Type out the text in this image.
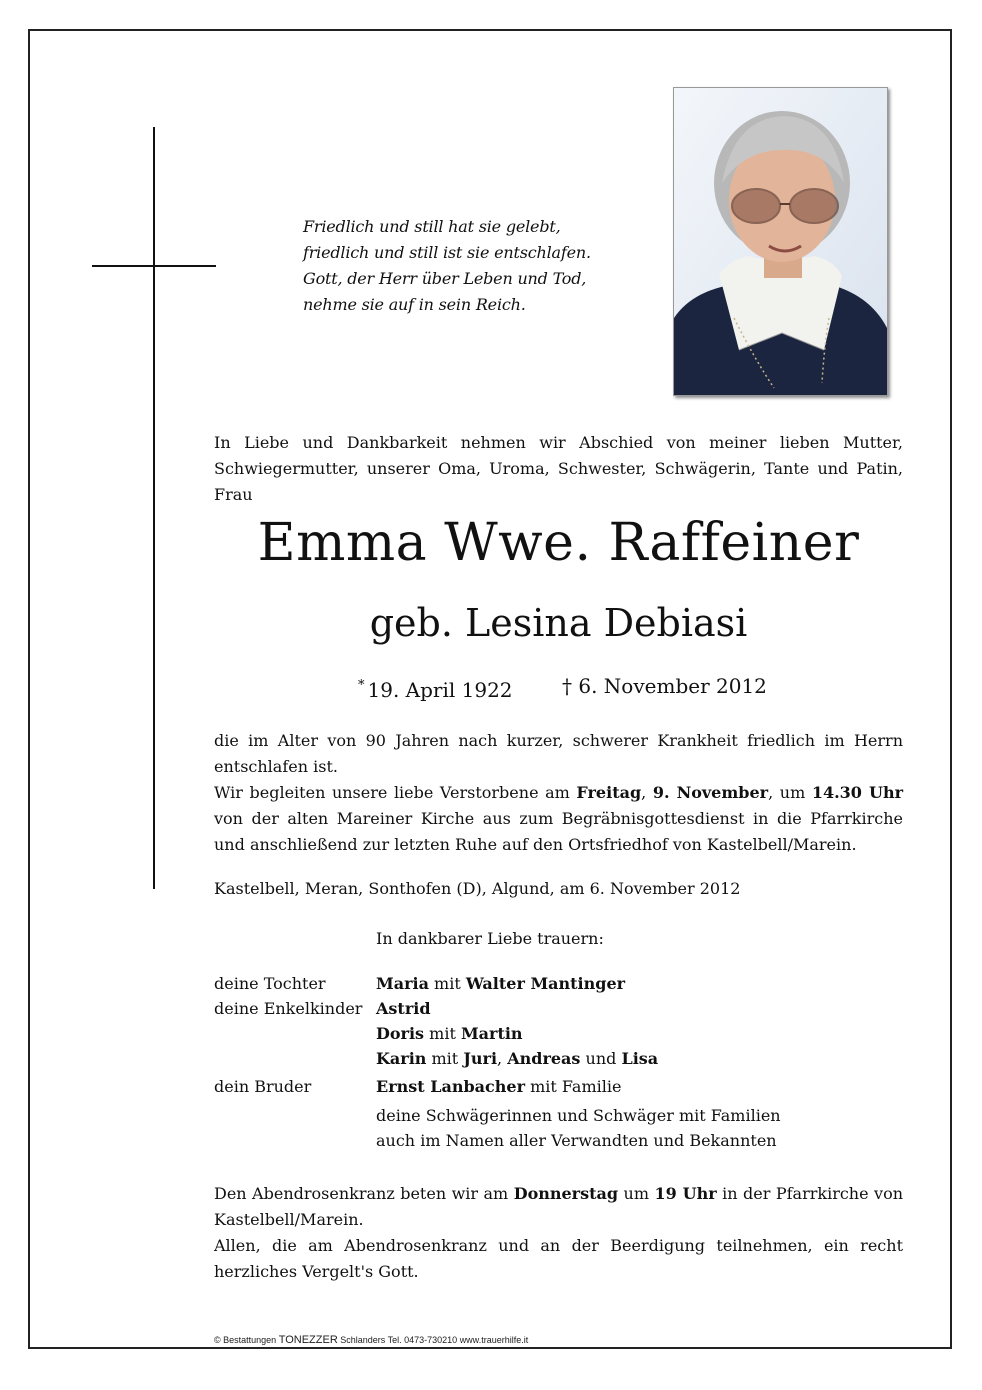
Friedlich und still hat sie gelebt,
friedlich und still ist sie entschlafen.
Gott, der Herr über Leben und Tod,
nehme sie auf in sein Reich.
In Liebe und Dankbarkeit nehmen wir Abschied von meiner lieben Mutter, Schwiegermutter, unserer Oma, Uroma, Schwester, Schwägerin, Tante und Patin, Frau
Emma Wwe. Raffeiner
geb. Lesina Debiasi
* 19. April 1922 † 6. November 2012
die im Alter von 90 Jahren nach kurzer, schwerer Krankheit friedlich im Herrn entschlafen ist.
Wir begleiten unsere liebe Verstorbene am Freitag, 9. November, um 14.30 Uhr von der alten Mareiner Kirche aus zum Begräbnisgottesdienst in die Pfarrkirche und anschließend zur letzten Ruhe auf den Ortsfriedhof von Kastelbell/Marein.
Kastelbell, Meran, Sonthofen (D), Algund, am 6. November 2012
In dankbarer Liebe trauern:
deine Tochter	Maria mit Walter Mantinger
deine Enkelkinder Astrid
Doris mit Martin
Karin mit Juri, Andreas und Lisa
dein Bruder	Ernst Lanbacher mit Familie
deine Schwägerinnen und Schwäger mit Familien
auch im Namen aller Verwandten und Bekannten
Den Abendrosenkranz beten wir am Donnerstag um 19 Uhr in der Pfarrkirche von Kastelbell/Marein.
Allen, die am Abendrosenkranz und an der Beerdigung teilnehmen, ein recht herzliches Vergelt's Gott.
© Bestattungen TONEZZER Schlanders Tel. 0473-730210 www.trauerhilfe.it
